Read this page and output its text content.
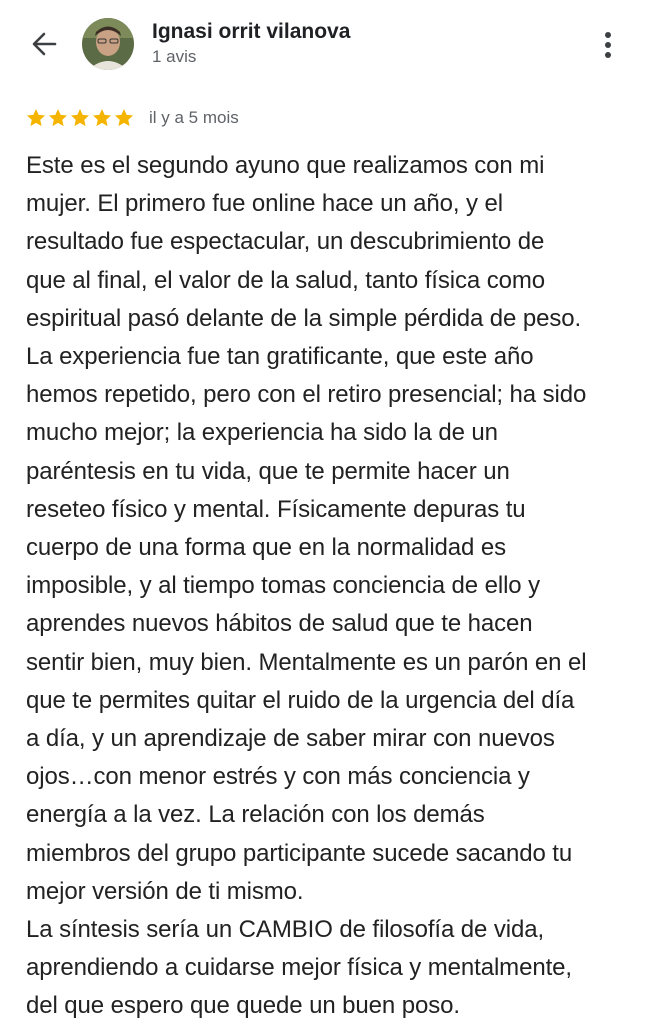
Ignasi orrit vilanova
1 avis
il y a 5 mois
Este es el segundo ayuno que realizamos con mi
mujer. El primero fue online hace un año, y el
resultado fue espectacular, un descubrimiento de
que al final, el valor de la salud, tanto física como
espiritual pasó delante de la simple pérdida de peso.
La experiencia fue tan gratificante, que este año
hemos repetido, pero con el retiro presencial; ha sido
mucho mejor; la experiencia ha sido la de un
paréntesis en tu vida, que te permite hacer un
reseteo físico y mental. Físicamente depuras tu
cuerpo de una forma que en la normalidad es
imposible, y al tiempo tomas conciencia de ello y
aprendes nuevos hábitos de salud que te hacen
sentir bien, muy bien. Mentalmente es un parón en el
que te permites quitar el ruido de la urgencia del día
a día, y un aprendizaje de saber mirar con nuevos
ojos…con menor estrés y con más conciencia y
energía a la vez. La relación con los demás
miembros del grupo participante sucede sacando tu
mejor versión de ti mismo.
La síntesis sería un CAMBIO de filosofía de vida,
aprendiendo a cuidarse mejor física y mentalmente,
del que espero que quede un buen poso.
